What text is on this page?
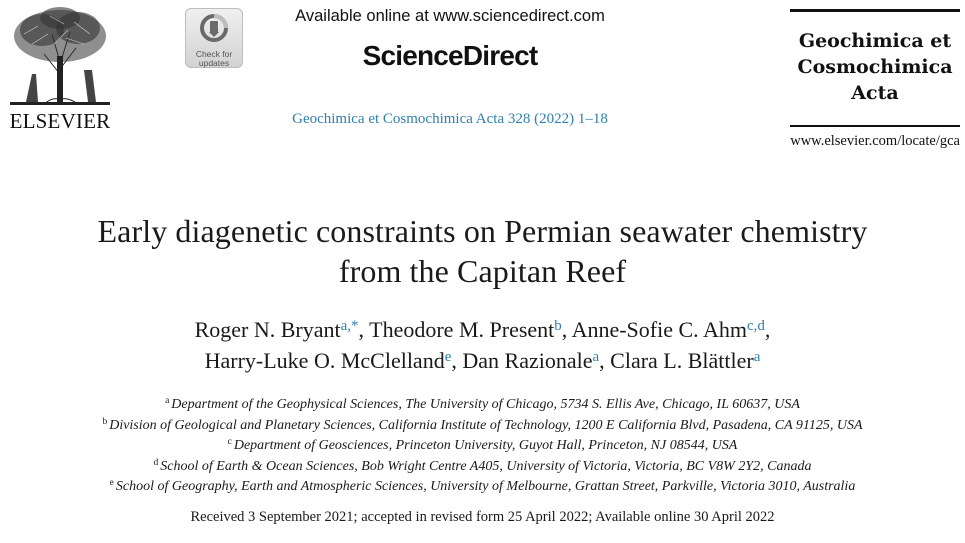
ELSEVIER
Check for updates
Available online at www.sciencedirect.com
ScienceDirect
Geochimica et Cosmochimica Acta 328 (2022) 1–18
Geochimica et
Cosmochimica
Acta
www.elsevier.com/locate/gca
Early diagenetic constraints on Permian seawater chemistry
from the Capitan Reef
Roger N. Bryant$^{a,*}$, Theodore M. Present$^b$, Anne-Sofie C. Ahm$^{c,d}$,
Harry-Luke O. McClelland$^e$, Dan Razionale$^a$, Clara L. Blättler$^a$
$^a$ Department of the Geophysical Sciences, The University of Chicago, 5734 S. Ellis Ave, Chicago, IL 60637, USA
$^b$ Division of Geological and Planetary Sciences, California Institute of Technology, 1200 E California Blvd, Pasadena, CA 91125, USA
$^c$ Department of Geosciences, Princeton University, Guyot Hall, Princeton, NJ 08544, USA
$^d$ School of Earth & Ocean Sciences, Bob Wright Centre A405, University of Victoria, Victoria, BC V8W 2Y2, Canada
$^e$ School of Geography, Earth and Atmospheric Sciences, University of Melbourne, Grattan Street, Parkville, Victoria 3010, Australia
Received 3 September 2021; accepted in revised form 25 April 2022; Available online 30 April 2022
